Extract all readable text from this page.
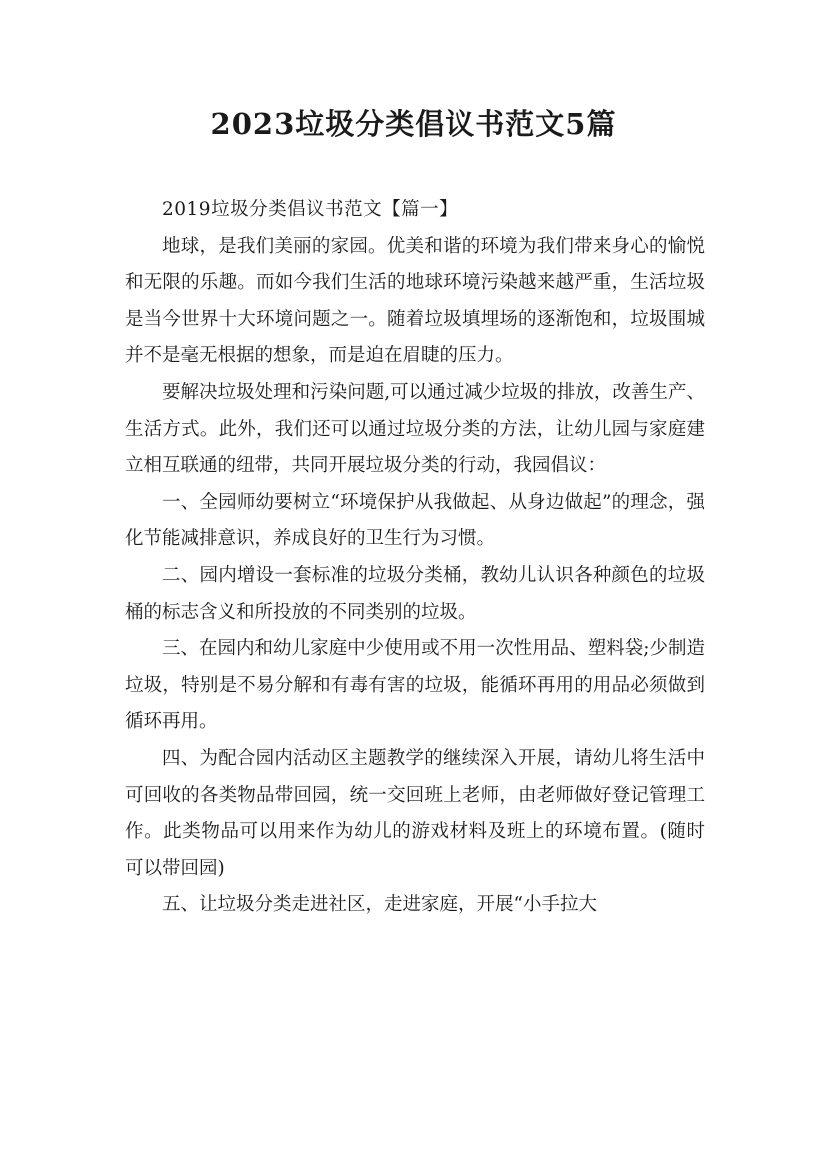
2023垃圾分类倡议书范文5篇

2019垃圾分类倡议书范文【篇一】

地球，是我们美丽的家园。优美和谐的环境为我们带来身心的愉悦和无限的乐趣。而如今我们生活的地球环境污染越来越严重，生活垃圾是当今世界十大环境问题之一。随着垃圾填埋场的逐渐饱和，垃圾围城并不是毫无根据的想象，而是迫在眉睫的压力。

要解决垃圾处理和污染问题,可以通过减少垃圾的排放，改善生产、生活方式。此外，我们还可以通过垃圾分类的方法，让幼儿园与家庭建立相互联通的纽带，共同开展垃圾分类的行动，我园倡议：

一、全园师幼要树立“环境保护从我做起、从身边做起”的理念，强化节能减排意识，养成良好的卫生行为习惯。

二、园内增设一套标准的垃圾分类桶，教幼儿认识各种颜色的垃圾桶的标志含义和所投放的不同类别的垃圾。

三、在园内和幼儿家庭中少使用或不用一次性用品、塑料袋;少制造垃圾，特别是不易分解和有毒有害的垃圾，能循环再用的用品必须做到循环再用。

四、为配合园内活动区主题教学的继续深入开展，请幼儿将生活中可回收的各类物品带回园，统一交回班上老师，由老师做好登记管理工作。此类物品可以用来作为幼儿的游戏材料及班上的环境布置。(随时可以带回园)

五、让垃圾分类走进社区，走进家庭，开展“小手拉大
